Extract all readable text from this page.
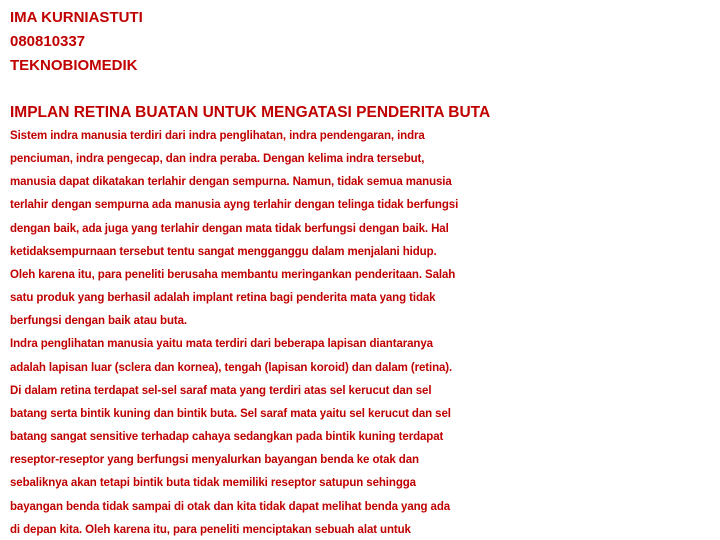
IMA KURNIASTUTI
080810337
TEKNOBIOMEDIK
IMPLAN RETINA BUATAN UNTUK MENGATASI PENDERITA BUTA
Sistem indra manusia terdiri dari indra penglihatan, indra pendengaran, indra
penciuman, indra pengecap, dan indra peraba. Dengan kelima indra tersebut,
manusia dapat dikatakan terlahir dengan sempurna. Namun, tidak semua manusia
terlahir dengan sempurna ada manusia ayng terlahir dengan telinga tidak berfungsi
dengan baik, ada juga yang terlahir dengan mata tidak berfungsi dengan baik. Hal
ketidaksempurnaan tersebut tentu sangat mengganggu dalam menjalani hidup.
Oleh karena itu, para peneliti berusaha membantu meringankan penderitaan. Salah
satu produk yang berhasil adalah implant retina bagi penderita mata yang tidak
berfungsi dengan baik atau buta.
Indra penglihatan manusia yaitu mata terdiri dari beberapa lapisan diantaranya
adalah lapisan luar (sclera dan kornea), tengah (lapisan koroid) dan dalam (retina).
Di dalam retina terdapat sel-sel saraf mata yang terdiri atas sel kerucut dan sel
batang serta bintik kuning dan bintik buta. Sel saraf mata yaitu sel kerucut dan sel
batang sangat sensitive terhadap cahaya sedangkan pada bintik kuning terdapat
reseptor-reseptor yang berfungsi menyalurkan bayangan benda ke otak dan
sebaliknya akan tetapi bintik buta tidak memiliki reseptor satupun sehingga
bayangan benda tidak sampai di otak dan kita tidak dapat melihat benda yang ada
di depan kita. Oleh karena itu, para peneliti menciptakan sebuah alat untuk
